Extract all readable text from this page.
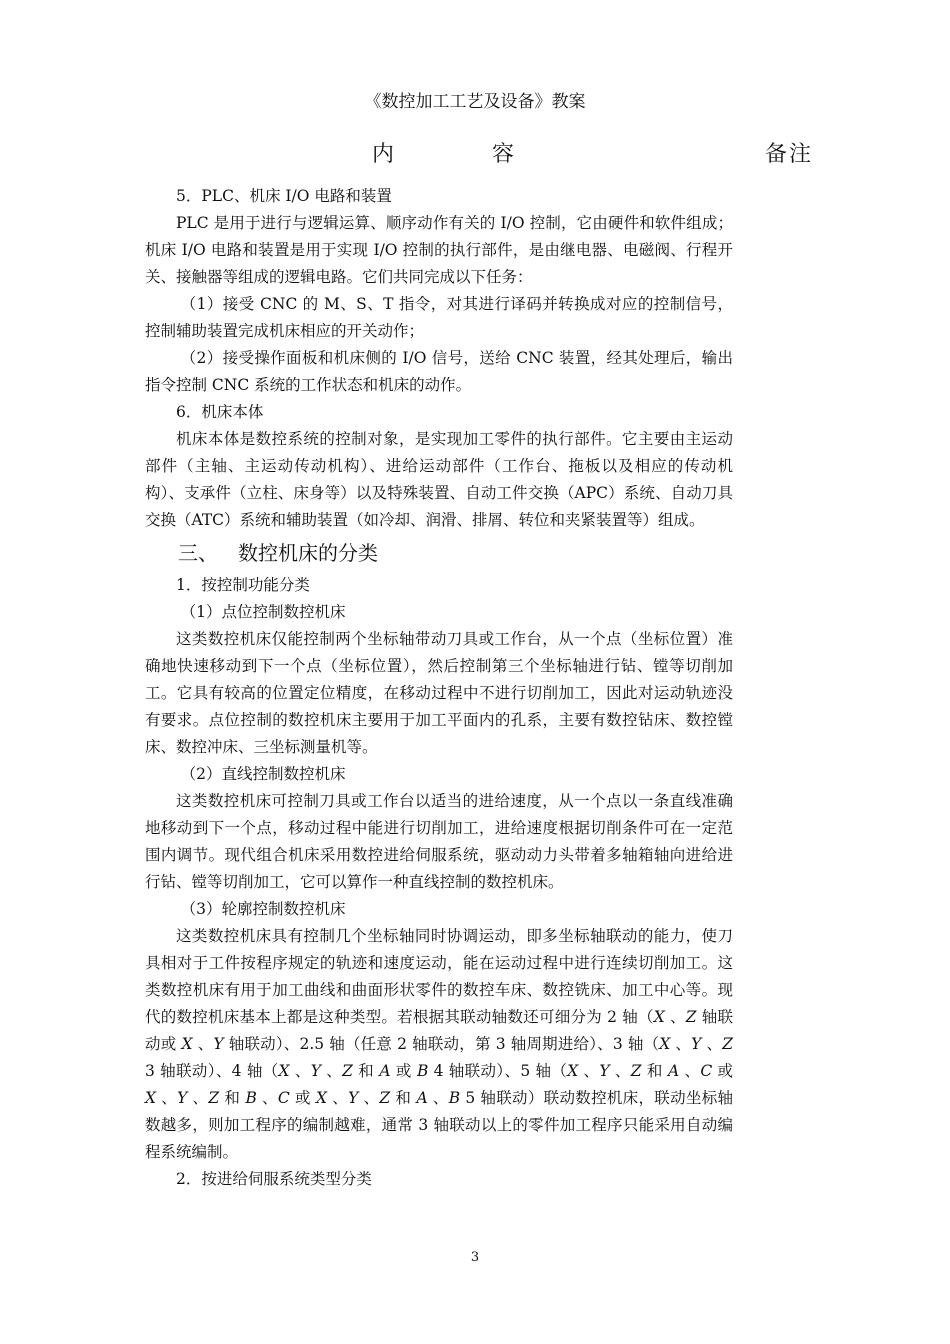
《数控加工工艺及设备》教案
内　　　　容	备注

5．PLC、机床 I/O 电路和装置

PLC 是用于进行与逻辑运算、顺序动作有关的 I/O 控制，它由硬件和软件组成；机床 I/O 电路和装置是用于实现 I/O 控制的执行部件，是由继电器、电磁阀、行程开关、接触器等组成的逻辑电路。它们共同完成以下任务：

（1）接受 CNC 的 M、S、T 指令，对其进行译码并转换成对应的控制信号，控制辅助装置完成机床相应的开关动作；

（2）接受操作面板和机床侧的 I/O 信号，送给 CNC 装置，经其处理后，输出指令控制 CNC 系统的工作状态和机床的动作。

6．机床本体

机床本体是数控系统的控制对象，是实现加工零件的执行部件。它主要由主运动部件（主轴、主运动传动机构）、进给运动部件（工作台、拖板以及相应的传动机构）、支承件（立柱、床身等）以及特殊装置、自动工件交换（APC）系统、自动刀具交换（ATC）系统和辅助装置（如冷却、润滑、排屑、转位和夹紧装置等）组成。

三、 数控机床的分类

1．按控制功能分类

（1）点位控制数控机床

这类数控机床仅能控制两个坐标轴带动刀具或工作台，从一个点（坐标位置）准确地快速移动到下一个点（坐标位置），然后控制第三个坐标轴进行钻、镗等切削加工。它具有较高的位置定位精度，在移动过程中不进行切削加工，因此对运动轨迹没有要求。点位控制的数控机床主要用于加工平面内的孔系，主要有数控钻床、数控镗床、数控冲床、三坐标测量机等。

（2）直线控制数控机床

这类数控机床可控制刀具或工作台以适当的进给速度，从一个点以一条直线准确地移动到下一个点，移动过程中能进行切削加工，进给速度根据切削条件可在一定范围内调节。现代组合机床采用数控进给伺服系统，驱动动力头带着多轴箱轴向进给进行钻、镗等切削加工，它可以算作一种直线控制的数控机床。

（3）轮廓控制数控机床

这类数控机床具有控制几个坐标轴同时协调运动，即多坐标轴联动的能力，使刀具相对于工件按程序规定的轨迹和速度运动，能在运动过程中进行连续切削加工。这类数控机床有用于加工曲线和曲面形状零件的数控车床、数控铣床、加工中心等。现代的数控机床基本上都是这种类型。若根据其联动轴数还可细分为 2 轴（X 、Z 轴联动或 X 、Y 轴联动）、2.5 轴（任意 2 轴联动，第 3 轴周期进给）、3 轴（X 、Y 、Z 3 轴联动）、4 轴（X 、Y 、Z 和 A 或 B 4 轴联动）、5 轴（X 、Y 、Z 和 A 、C 或 X 、Y 、Z 和 B 、C 或 X 、Y 、Z 和 A 、B 5 轴联动）联动数控机床，联动坐标轴数越多，则加工程序的编制越难，通常 3 轴联动以上的零件加工程序只能采用自动编程系统编制。

2．按进给伺服系统类型分类

3
